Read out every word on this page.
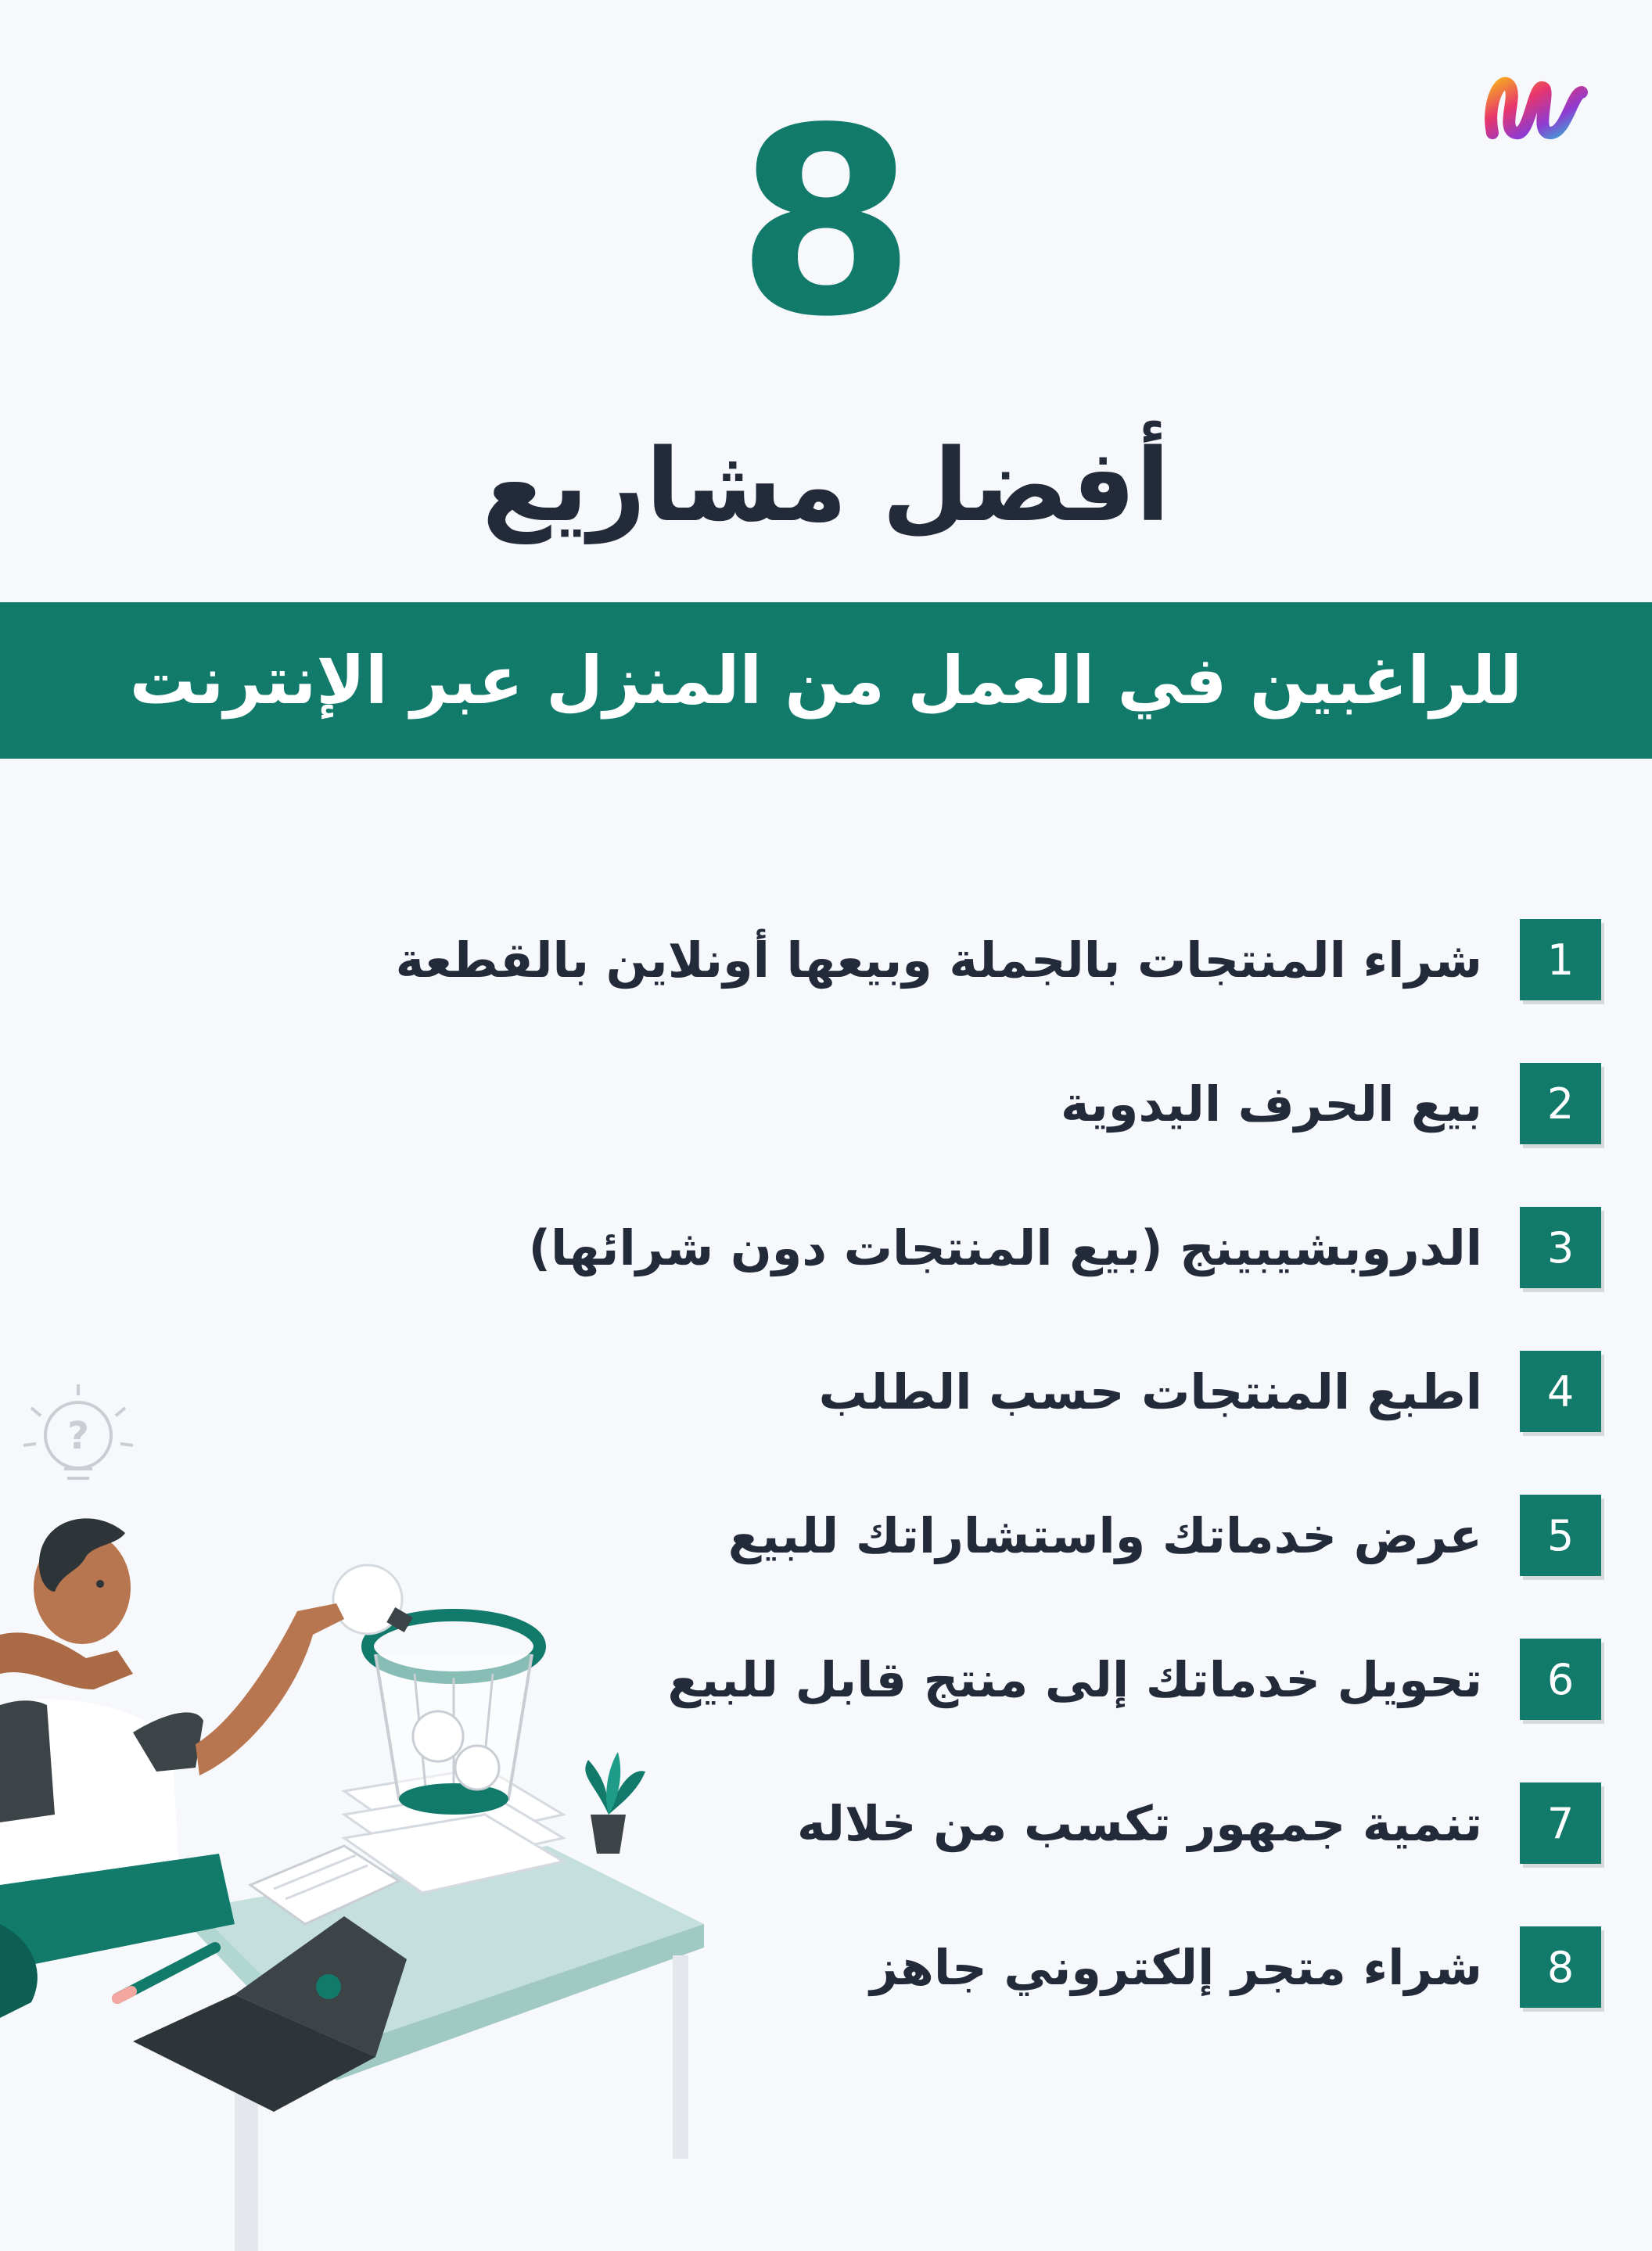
8
أفضل مشاريع
للراغبين في العمل من المنزل عبر الإنترنت
1
شراء المنتجات بالجملة وبيعها أونلاين بالقطعة
2
بيع الحرف اليدوية
3
الدروبشيبينج (بيع المنتجات دون شرائها)
4
اطبع المنتجات حسب الطلب
5
عرض خدماتك واستشاراتك للبيع
6
تحويل خدماتك إلى منتج قابل للبيع
7
تنمية جمهور تكسب من خلاله
8
شراء متجر إلكتروني جاهز
?
